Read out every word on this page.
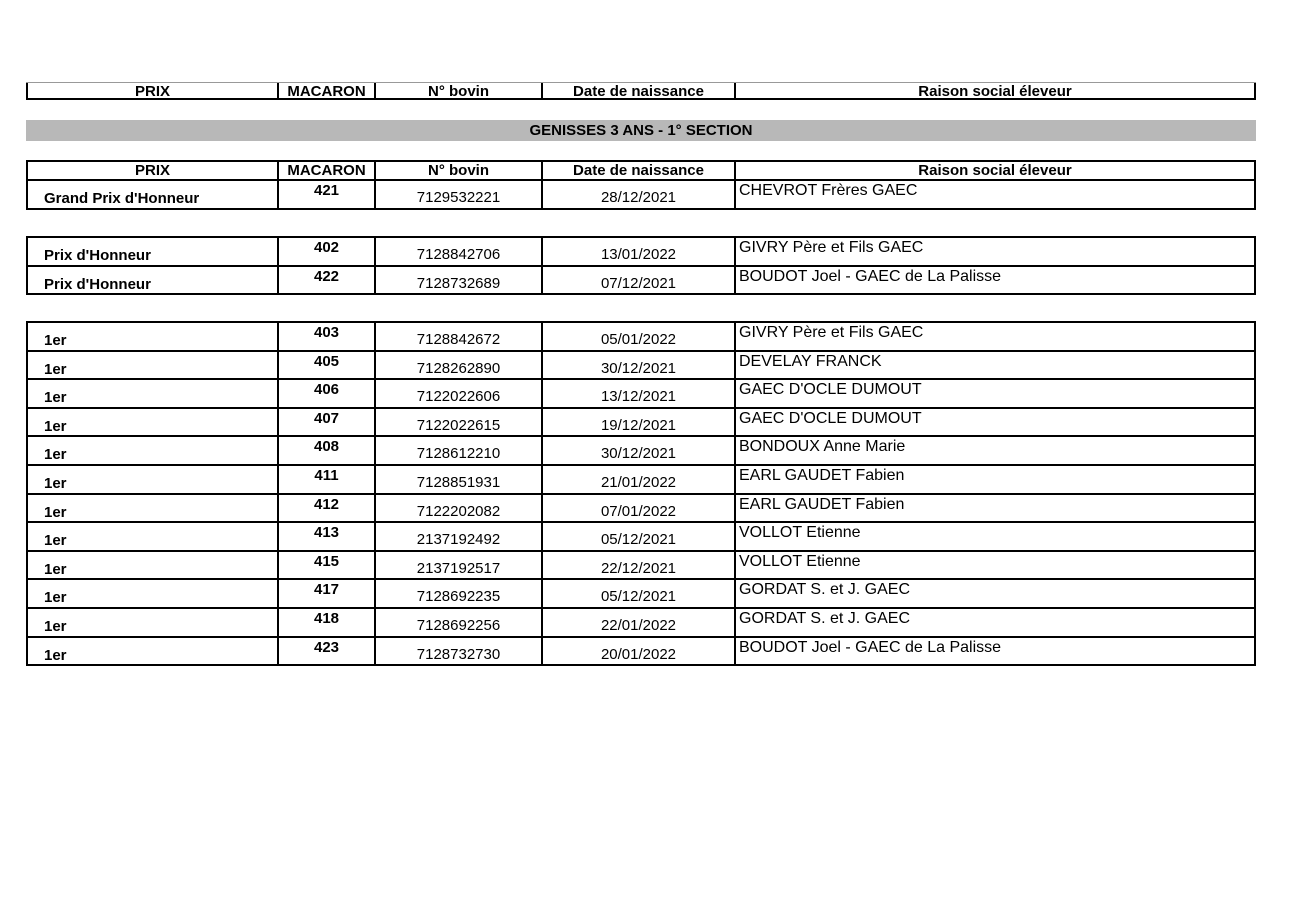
PRIX	MACARON	N° bovin	Date de naissance	Raison social éleveur
GENISSES 3 ANS - 1° SECTION
PRIX	MACARON	N° bovin	Date de naissance	Raison social éleveur
Grand Prix d'Honneur	421	7129532221	28/12/2021	CHEVROT Frères GAEC
Prix d'Honneur	402	7128842706	13/01/2022	GIVRY Père et Fils GAEC
Prix d'Honneur	422	7128732689	07/12/2021	BOUDOT Joel - GAEC de La Palisse
1er	403	7128842672	05/01/2022	GIVRY Père et Fils GAEC
1er	405	7128262890	30/12/2021	DEVELAY FRANCK
1er	406	7122022606	13/12/2021	GAEC D'OCLE DUMOUT
1er	407	7122022615	19/12/2021	GAEC D'OCLE DUMOUT
1er	408	7128612210	30/12/2021	BONDOUX Anne Marie
1er	411	7128851931	21/01/2022	EARL GAUDET Fabien
1er	412	7122202082	07/01/2022	EARL GAUDET Fabien
1er	413	2137192492	05/12/2021	VOLLOT Etienne
1er	415	2137192517	22/12/2021	VOLLOT Etienne
1er	417	7128692235	05/12/2021	GORDAT S. et J. GAEC
1er	418	7128692256	22/01/2022	GORDAT S. et J. GAEC
1er	423	7128732730	20/01/2022	BOUDOT Joel - GAEC de La Palisse
